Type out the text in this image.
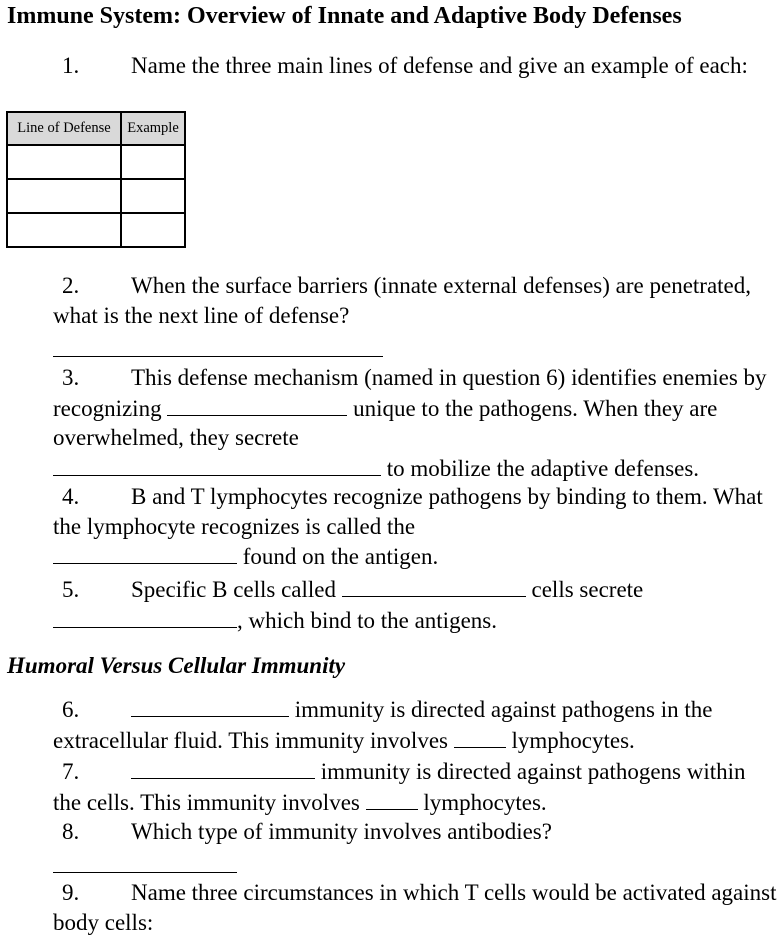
Immune System: Overview of Innate and Adaptive Body Defenses
1. Name the three main lines of defense and give an example of each:
Line of Defense	Example

2. When the surface barriers (innate external defenses) are penetrated, what is the next line of defense?
3. This defense mechanism (named in question 6) identifies enemies by recognizing	unique to the pathogens. When they are overwhelmed, they secrete
to mobilize the adaptive defenses.
4. B and T lymphocytes recognize pathogens by binding to them. What the lymphocyte recognizes is called the
found on the antigen.
5. Specific B cells called	cells secrete
, which bind to the antigens.
Humoral Versus Cellular Immunity
6.	immunity is directed against pathogens in the extracellular fluid. This immunity involves	lymphocytes.
7.	immunity is directed against pathogens within the cells. This immunity involves	lymphocytes.
8. Which type of immunity involves antibodies?
9. Name three circumstances in which T cells would be activated against body cells:
